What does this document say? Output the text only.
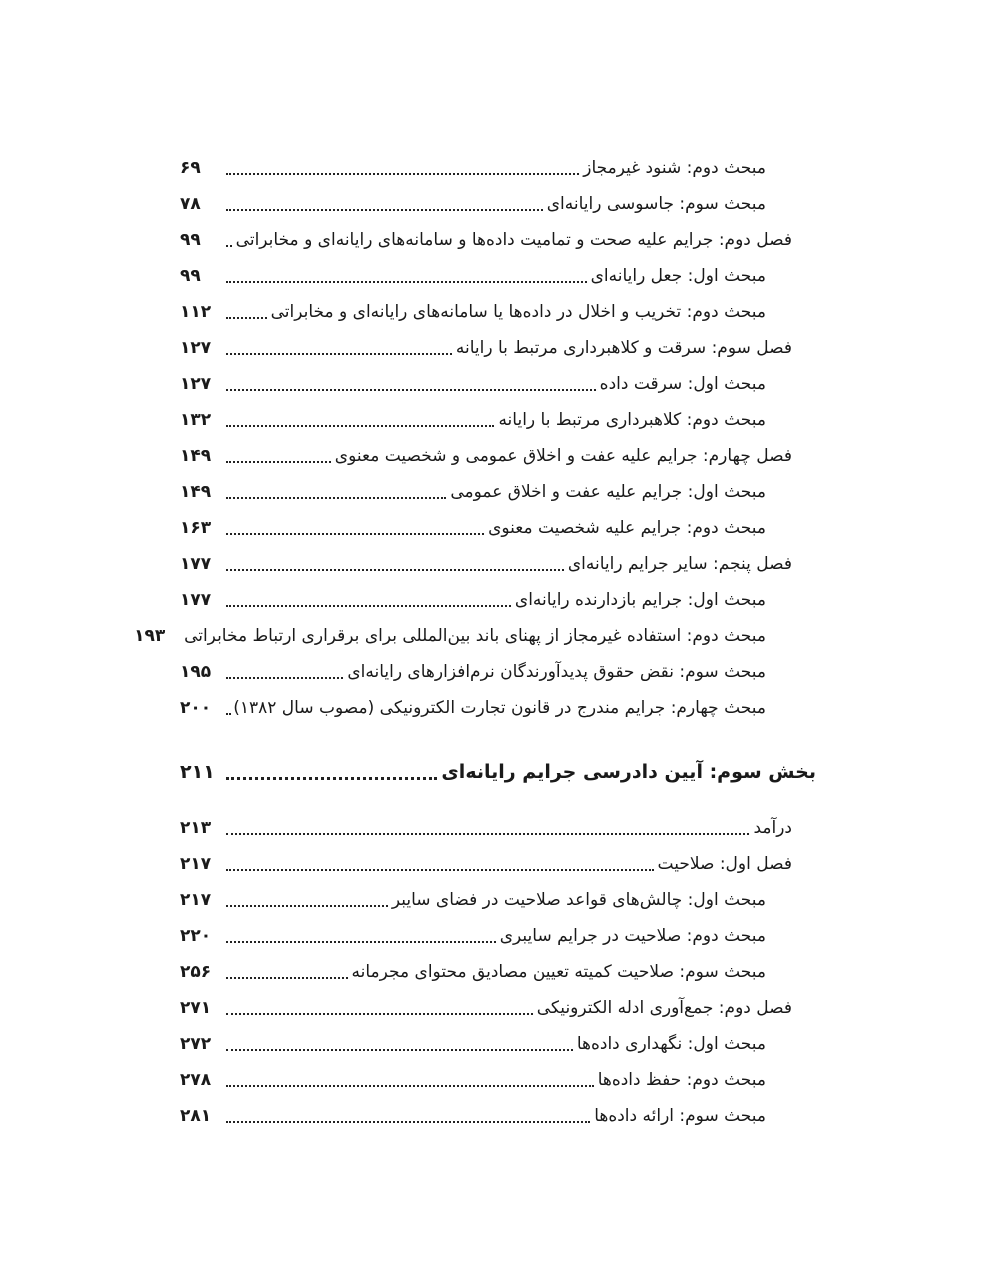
مبحث دوم: شنود غیرمجاز
۶۹
مبحث سوم: جاسوسی رایانه‌ای
۷۸
فصل دوم: جرایم علیه صحت و تمامیت داده‌ها و سامانه‌های رایانه‌ای و مخابراتی
۹۹
مبحث اول: جعل رایانه‌ای
۹۹
مبحث دوم: تخریب و اخلال در داده‌ها یا سامانه‌های رایانه‌ای و مخابراتی
۱۱۲
فصل سوم: سرقت و کلاهبرداری مرتبط با رایانه
۱۲۷
مبحث اول: سرقت داده
۱۲۷
مبحث دوم: کلاهبرداری مرتبط با رایانه
۱۳۲
فصل چهارم: جرایم علیه عفت و اخلاق عمومی و شخصیت معنوی
۱۴۹
مبحث اول: جرایم علیه عفت و اخلاق عمومی
۱۴۹
مبحث دوم: جرایم علیه شخصیت معنوی
۱۶۳
فصل پنجم: سایر جرایم رایانه‌ای
۱۷۷
مبحث اول: جرایم بازدارنده رایانه‌ای
۱۷۷
مبحث دوم: استفاده غیرمجاز از پهنای باند بین‌المللی برای برقراری ارتباط مخابراتی
۱۹۳
مبحث سوم: نقض حقوق پدیدآورندگان نرم‌افزارهای رایانه‌ای
۱۹۵
مبحث چهارم: جرایم مندرج در قانون تجارت الکترونیکی (مصوب سال ۱۳۸۲)
۲۰۰
بخش سوم: آیین دادرسی جرایم رایانه‌ای
۲۱۱
درآمد
۲۱۳
فصل اول: صلاحیت
۲۱۷
مبحث اول: چالش‌های قواعد صلاحیت در فضای سایبر
۲۱۷
مبحث دوم: صلاحیت در جرایم سایبری
۲۲۰
مبحث سوم: صلاحیت کمیته تعیین مصادیق محتوای مجرمانه
۲۵۶
فصل دوم: جمع‌آوری ادله الکترونیکی
۲۷۱
مبحث اول: نگهداری داده‌ها
۲۷۲
مبحث دوم: حفظ داده‌ها
۲۷۸
مبحث سوم: ارائه داده‌ها
۲۸۱
